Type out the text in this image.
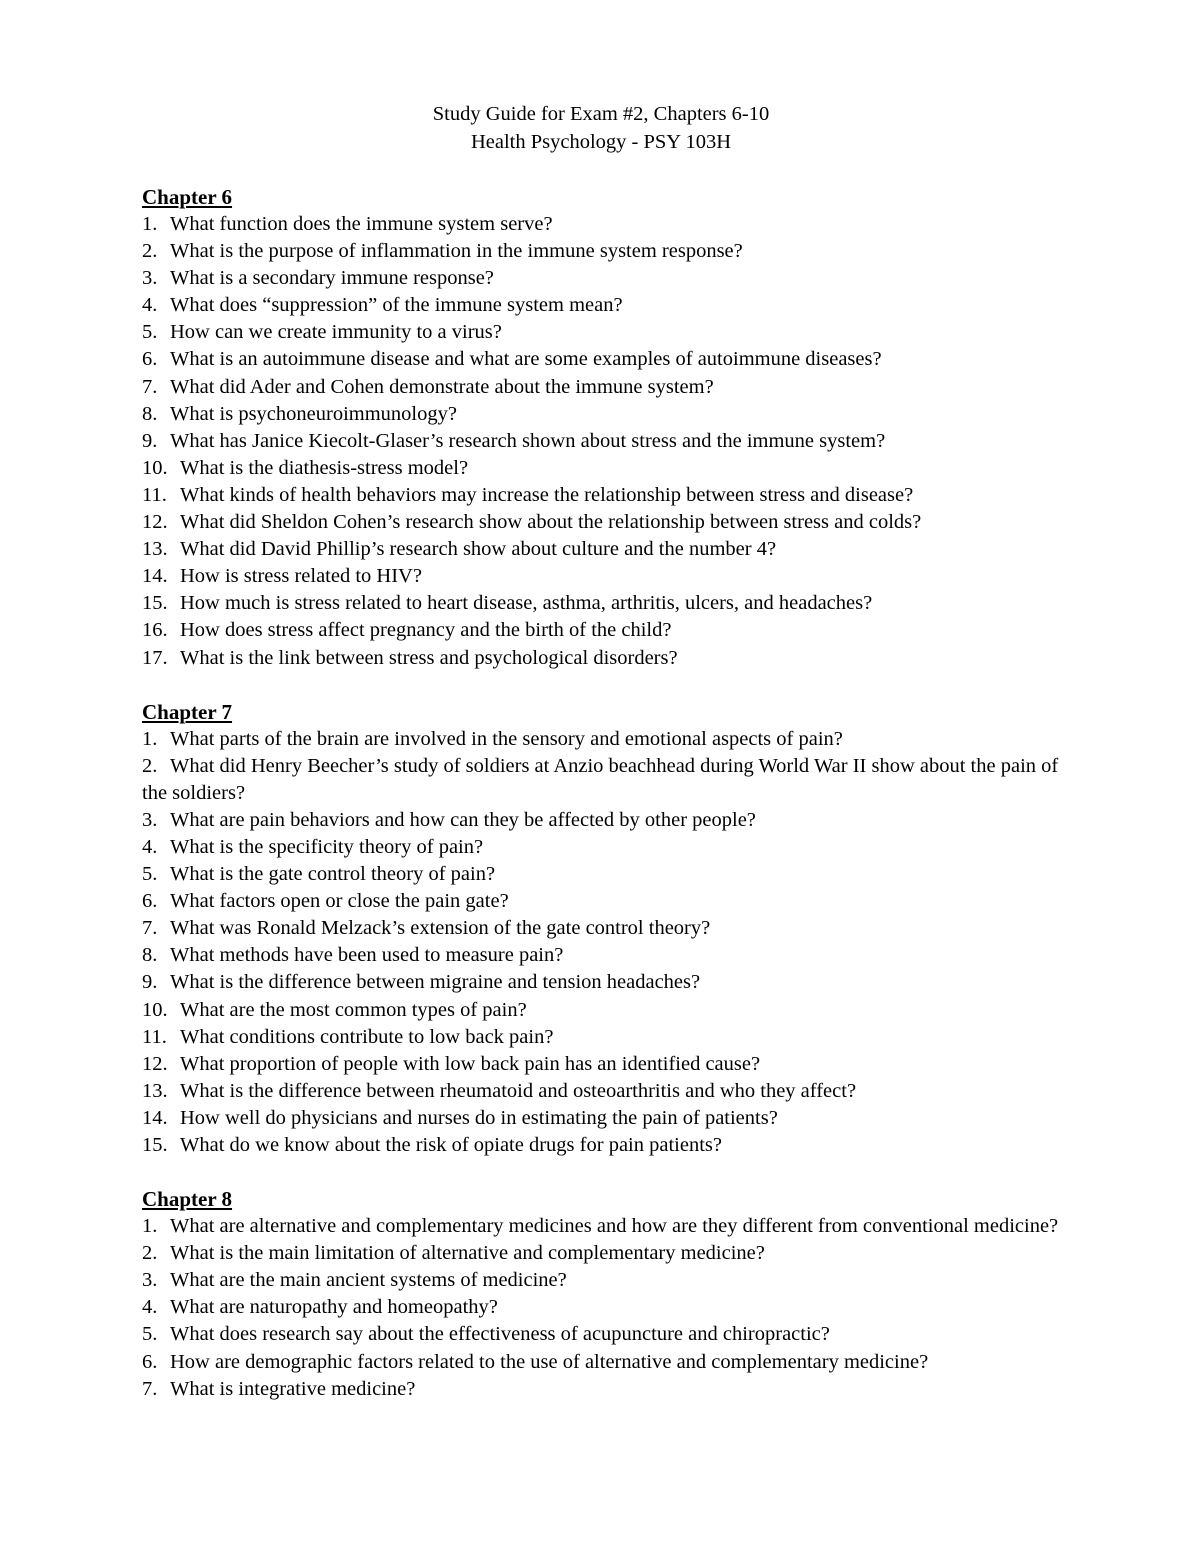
Study Guide for Exam #2, Chapters 6-10
Health Psychology - PSY 103H
Chapter 6
1. What function does the immune system serve?
2. What is the purpose of inflammation in the immune system response?
3. What is a secondary immune response?
4. What does “suppression” of the immune system mean?
5. How can we create immunity to a virus?
6. What is an autoimmune disease and what are some examples of autoimmune diseases?
7. What did Ader and Cohen demonstrate about the immune system?
8. What is psychoneuroimmunology?
9. What has Janice Kiecolt-Glaser’s research shown about stress and the immune system?
10. What is the diathesis-stress model?
11. What kinds of health behaviors may increase the relationship between stress and disease?
12. What did Sheldon Cohen’s research show about the relationship between stress and colds?
13. What did David Phillip’s research show about culture and the number 4?
14. How is stress related to HIV?
15. How much is stress related to heart disease, asthma, arthritis, ulcers, and headaches?
16. How does stress affect pregnancy and the birth of the child?
17. What is the link between stress and psychological disorders?
Chapter 7
1. What parts of the brain are involved in the sensory and emotional aspects of pain?
2. What did Henry Beecher’s study of soldiers at Anzio beachhead during World War II show about the pain of the soldiers?
3. What are pain behaviors and how can they be affected by other people?
4. What is the specificity theory of pain?
5. What is the gate control theory of pain?
6. What factors open or close the pain gate?
7. What was Ronald Melzack’s extension of the gate control theory?
8. What methods have been used to measure pain?
9. What is the difference between migraine and tension headaches?
10. What are the most common types of pain?
11. What conditions contribute to low back pain?
12. What proportion of people with low back pain has an identified cause?
13. What is the difference between rheumatoid and osteoarthritis and who they affect?
14. How well do physicians and nurses do in estimating the pain of patients?
15. What do we know about the risk of opiate drugs for pain patients?
Chapter 8
1. What are alternative and complementary medicines and how are they different from conventional medicine?
2. What is the main limitation of alternative and complementary medicine?
3. What are the main ancient systems of medicine?
4. What are naturopathy and homeopathy?
5. What does research say about the effectiveness of acupuncture and chiropractic?
6. How are demographic factors related to the use of alternative and complementary medicine?
7. What is integrative medicine?
